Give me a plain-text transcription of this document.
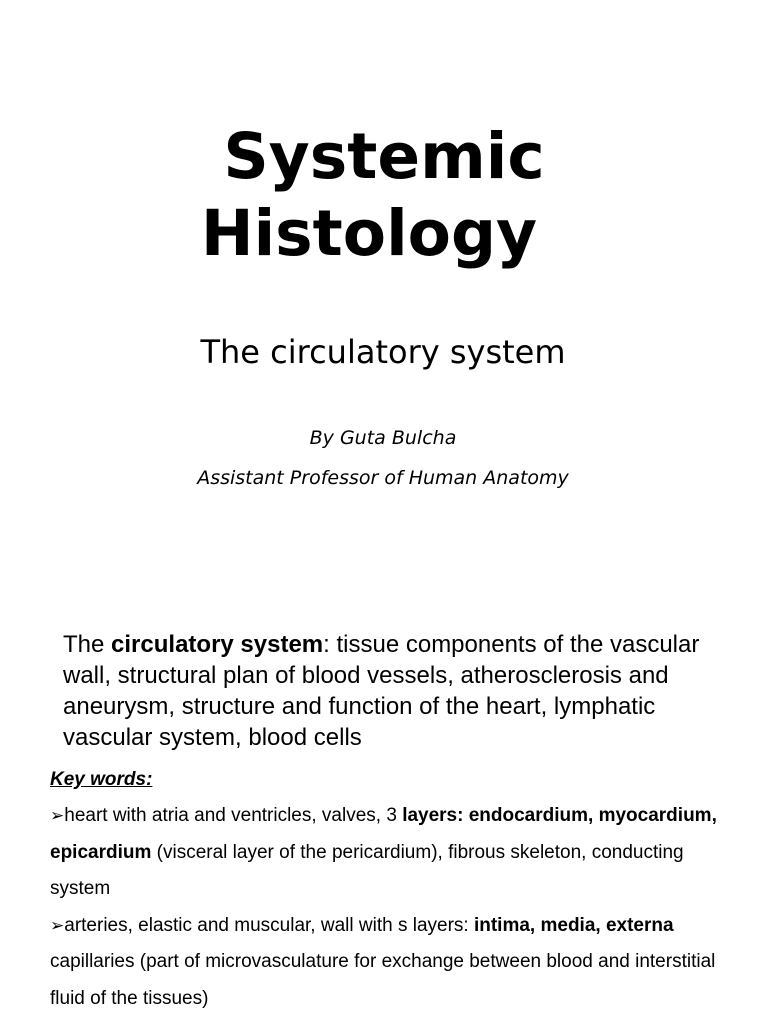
Systemic
Histology
The circulatory system
By Guta Bulcha
Assistant Professor of Human Anatomy
The circulatory system: tissue components of the vascular wall, structural plan of blood vessels, atherosclerosis and aneurysm, structure and function of the heart, lymphatic vascular system, blood cells
Key words:

➢heart with atria and ventricles, valves, 3 layers: endocardium, myocardium, epicardium (visceral layer of the pericardium), fibrous skeleton, conducting system

➢arteries, elastic and muscular, wall with s layers: intima, media, externa capillaries (part of microvasculature for exchange between blood and interstitial fluid of the tissues)
